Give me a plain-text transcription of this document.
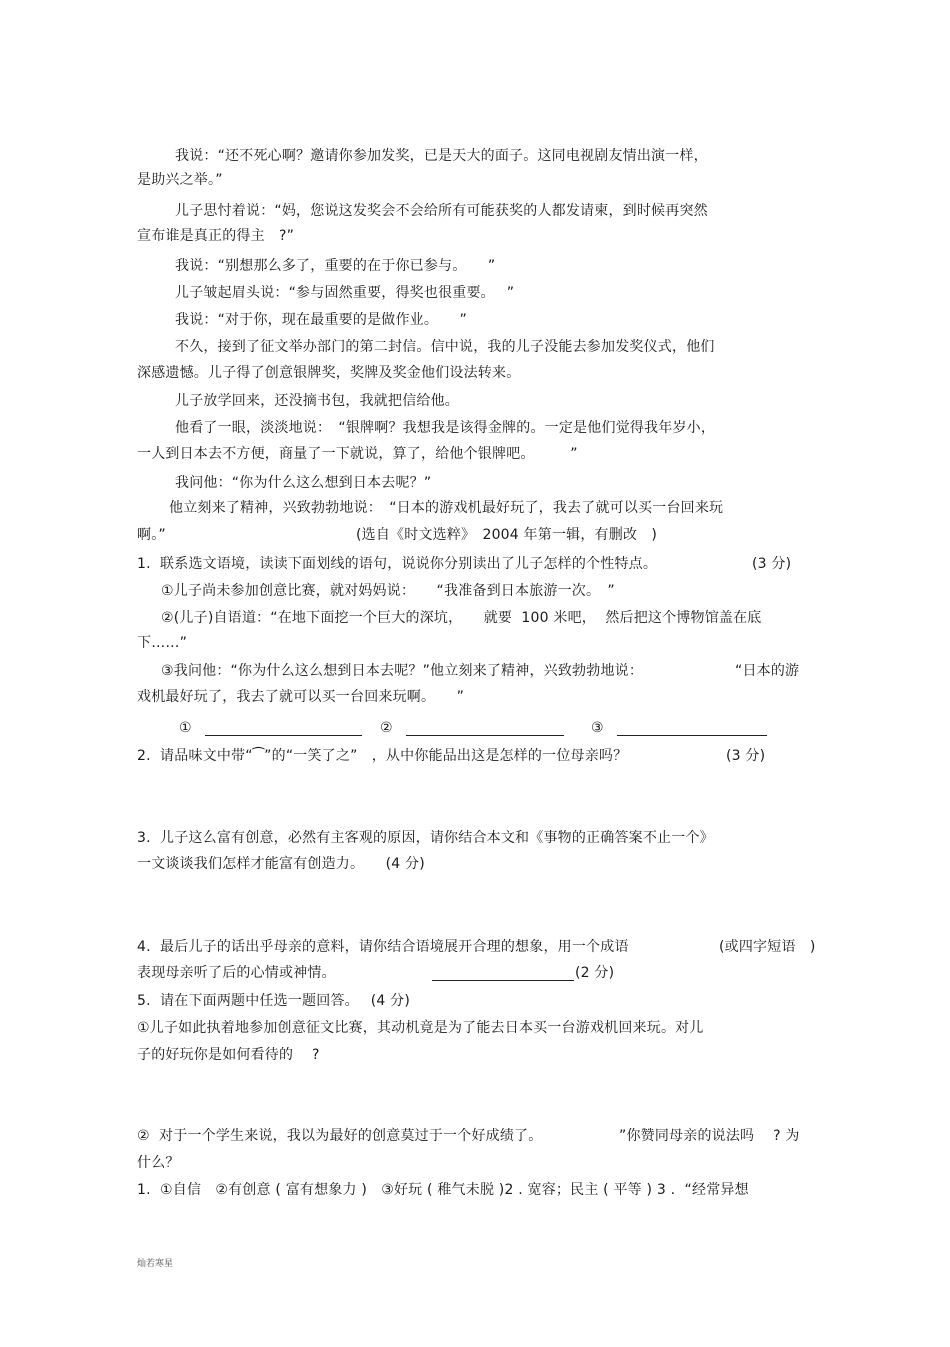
我说：“还不死心啊？邀请你参加发奖，已是天大的面子。这同电视剧友情出演一样，
是助兴之举。”
儿子思忖着说：“妈，您说这发奖会不会给所有可能获奖的人都发请柬，到时候再突然
宣布谁是真正的得主　?”
我说：“别想那么多了，重要的在于你已参与。　　”
儿子皱起眉头说：“参与固然重要，得奖也很重要。　 ”
我说：“对于你，现在最重要的是做作业。　　”
不久，接到了征文举办部门的第二封信。信中说，我的儿子没能去参加发奖仪式，他们
深感遗憾。儿子得了创意银牌奖，奖牌及奖金他们设法转来。
儿子放学回来，还没摘书包，我就把信给他。
他看了一眼，淡淡地说：　“银牌啊？我想我是该得金牌的。一定是他们觉得我年岁小，
一人到日本去不方便，商量了一下就说，算了，给他个银牌吧。　　　”
我问他：“你为什么这么想到日本去呢？”
他立刻来了精神，兴致勃勃地说：　“日本的游戏机最好玩了，我去了就可以买一台回来玩
啊。”	(选自《时文选粹》　2004 年第一辑，有删改　)
1.  联系选文语境，读读下面划线的语句，说说你分别读出了儿子怎样的个性特点。	(3 分)
①儿子尚未参加创意比赛，就对妈妈说：　　“我准备到日本旅游一次。　”
②(儿子)自语道：“在地下面挖一个巨大的深坑，　　就要  100 米吧，  然后把这个博物馆盖在底
下……”
③我问他：“你为什么这么想到日本去呢？”他立刻来了精神，兴致勃勃地说：	“日本的游
戏机最好玩了，我去了就可以买一台回来玩啊。　　”
①	②	③
2.  请品味文中带“⁀”的“一笑了之”　，从中你能品出这是怎样的一位母亲吗？	(3 分)
3.  儿子这么富有创意，必然有主客观的原因，请你结合本文和《事物的正确答案不止一个》
一文谈谈我们怎样才能富有创造力。　　(4 分)
4.  最后儿子的话出乎母亲的意料，请你结合语境展开合理的想象，用一个成语	(或四字短语　)
表现母亲听了后的心情或神情。	(2 分)
5.  请在下面两题中任选一题回答。　 (4 分)
①儿子如此执着地参加创意征文比赛，其动机竟是为了能去日本买一台游戏机回来玩。对儿
子的好玩你是如何看待的　 ?
②  对于一个学生来说，我以为最好的创意莫过于一个好成绩了。	”你赞同母亲的说法吗　 ? 为
什么？
1.  ①自信　②有创意 ( 富有想象力 )　③好玩 ( 稚气未脱 )2 . 宽容；民主 ( 平等 ) 3 .  “经常异想
灿若寒星
